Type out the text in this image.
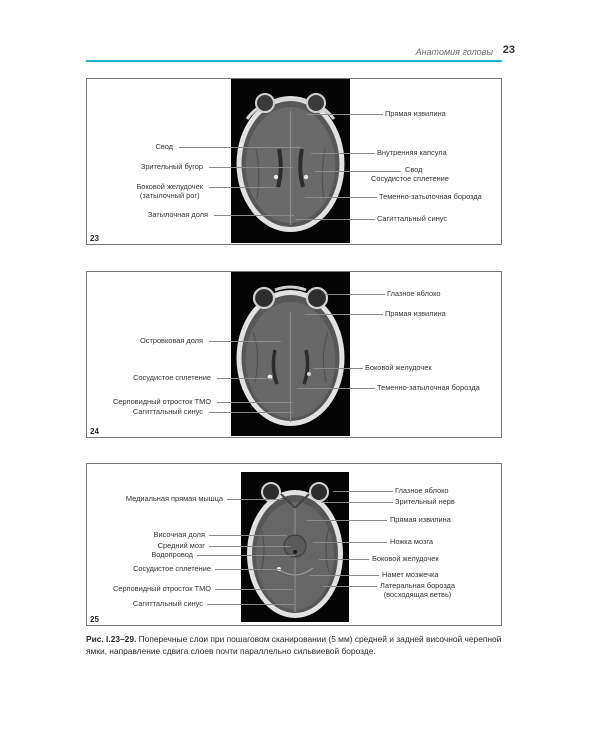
Анатомия головы 23
23
Свод
Зрительный бугор
Боковой желудочек
(затылочный рог)
Затылочная доля
Прямая извилина
Внутренняя капсула
Свод
Сосудистое сплетение
Теменно-затылочная борозда
Сагиттальный синус
24
Островковая доля
Сосудистое сплетение
Серповидный отросток ТМО
Сагиттальный синус
Глазное яблоко
Прямая извилина
Боковой желудочек
Теменно-затылочная борозда
25
Медиальная прямая мышца
Височная доля
Средний мозг
Водопровод
Сосудистое сплетение
Серповидный отросток ТМО
Сагиттальный синус
Глазное яблоко
Зрительный нерв
Прямая извилина
Ножка мозга
Боковой желудочек
Намет мозжечка
Латеральная борозда
(восходящая ветвь)
Рис. I.23–29. Поперечные слои при пошаговом сканировании (5 мм) средней и задней височной черепной ямки, направление сдвига слоев почти параллельно сильвиевой борозде.
